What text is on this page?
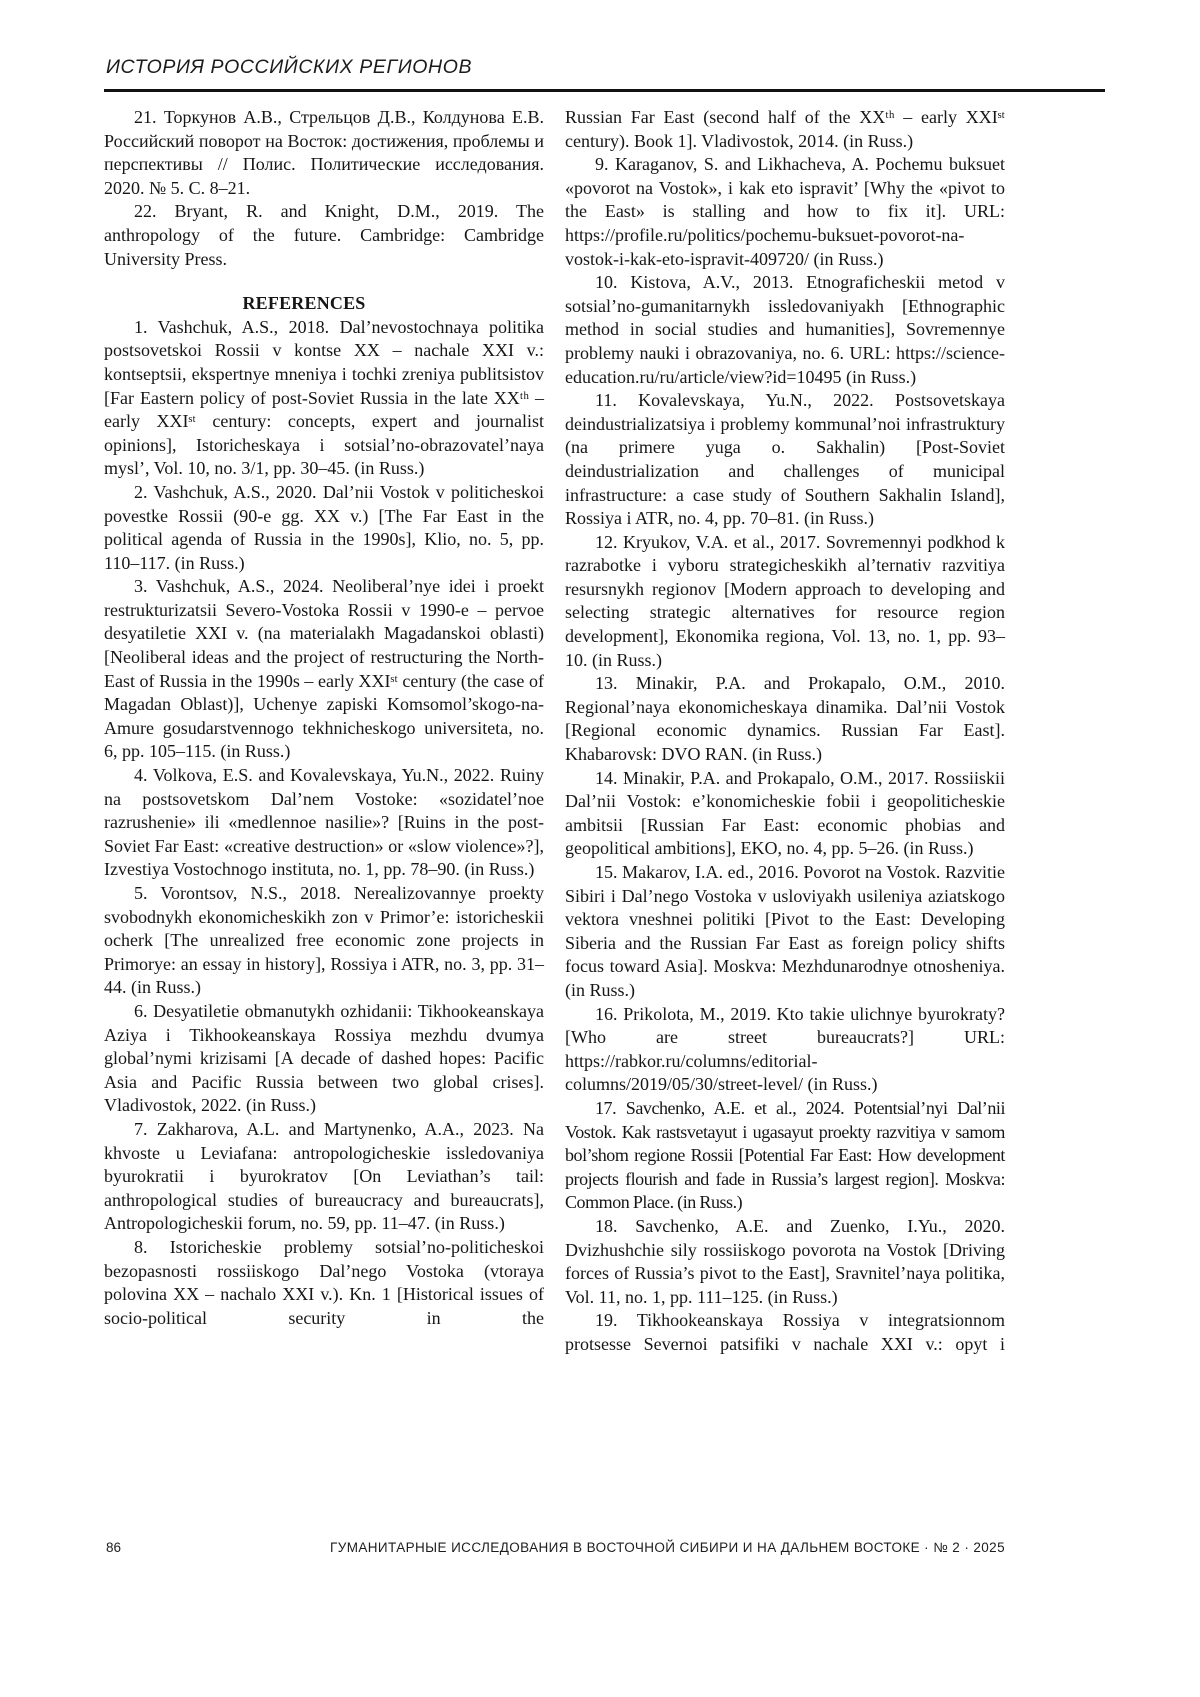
ИСТОРИЯ РОССИЙСКИХ РЕГИОНОВ

21. Торкунов А.В., Стрельцов Д.В., Колдунова Е.В. Российский поворот на Восток: достижения, проблемы и перспективы // Полис. Политические исследования. 2020. № 5. С. 8–21.

22. Bryant, R. and Knight, D.M., 2019. The anthropology of the future. Cambridge: Cambridge University Press.

REFERENCES

1. Vashchuk, A.S., 2018. Dal’nevostochnaya politika postsovetskoi Rossii v kontse XX – nachale XXI v.: kontseptsii, ekspertnye mneniya i tochki zreniya publitsistov [Far Eastern policy of post-Soviet Russia in the late XXᵗʰ – early XXIˢᵗ century: concepts, expert and journalist opinions], Istoricheskaya i sotsial’no-obrazovatel’naya mysl’, Vol. 10, no. 3/1, pp. 30–45. (in Russ.)

2. Vashchuk, A.S., 2020. Dal’nii Vostok v politicheskoi povestke Rossii (90-e gg. XX v.) [The Far East in the political agenda of Russia in the 1990s], Klio, no. 5, pp. 110–117. (in Russ.)

3. Vashchuk, A.S., 2024. Neoliberal’nye idei i proekt restrukturizatsii Severo-Vostoka Rossii v 1990-e – pervoe desyatiletie XXI v. (na materialakh Magadanskoi oblasti) [Neoliberal ideas and the project of restructuring the North-East of Russia in the 1990s – early XXIˢᵗ century (the case of Magadan Oblast)], Uchenye zapiski Komsomol’skogo-na-Amure gosudarstvennogo tekhnicheskogo universiteta, no. 6, pp. 105–115. (in Russ.)

4. Volkova, E.S. and Kovalevskaya, Yu.N., 2022. Ruiny na postsovetskom Dal’nem Vostoke: «sozidatel’noe razrushenie» ili «medlennoe nasilie»? [Ruins in the post-Soviet Far East: «creative destruction» or «slow violence»?], Izvestiya Vostochnogo instituta, no. 1, pp. 78–90. (in Russ.)

5. Vorontsov, N.S., 2018. Nerealizovannye proekty svobodnykh ekonomicheskikh zon v Primor’e: istoricheskii ocherk [The unrealized free economic zone projects in Primorye: an essay in history], Rossiya i ATR, no. 3, pp. 31–44. (in Russ.)

6. Desyatiletie obmanutykh ozhidanii: Tikhookeanskaya Aziya i Tikhookeanskaya Rossiya mezhdu dvumya global’nymi krizisami [A decade of dashed hopes: Pacific Asia and Pacific Russia between two global crises]. Vladivostok, 2022. (in Russ.)

7. Zakharova, A.L. and Martynenko, A.A., 2023. Na khvoste u Leviafana: antropologicheskie issledovaniya byurokratii i byurokratov [On Leviathan’s tail: anthropological studies of bureaucracy and bureaucrats], Antropologicheskii forum, no. 59, pp. 11–47. (in Russ.)

8. Istoricheskie problemy sotsial’no-politicheskoi bezopasnosti rossiiskogo Dal’nego Vostoka (vtoraya polovina XX – nachalo XXI v.). Kn. 1 [Historical issues of socio-political security in the

Russian Far East (second half of the XXᵗʰ – early XXIˢᵗ century). Book 1]. Vladivostok, 2014. (in Russ.)

9. Karaganov, S. and Likhacheva, A. Pochemu buksuet «povorot na Vostok», i kak eto ispravit’ [Why the «pivot to the East» is stalling and how to fix it]. URL: https://profile.ru/politics/pochemu-buksuet-povorot-na-vostok-i-kak-eto-ispravit-409720/ (in Russ.)

10. Kistova, A.V., 2013. Etnograficheskii metod v sotsial’no-gumanitarnykh issledovaniyakh [Ethnographic method in social studies and humanities], Sovremennye problemy nauki i obrazovaniya, no. 6. URL: https://science-education.ru/ru/article/view?id=10495 (in Russ.)

11. Kovalevskaya, Yu.N., 2022. Postsovetskaya deindustrializatsiya i problemy kommunal’noi infrastruktury (na primere yuga o. Sakhalin) [Post-Soviet deindustrialization and challenges of municipal infrastructure: a case study of Southern Sakhalin Island], Rossiya i ATR, no. 4, pp. 70–81. (in Russ.)

12. Kryukov, V.A. et al., 2017. Sovremennyi podkhod k razrabotke i vyboru strategicheskikh al’ternativ razvitiya resursnykh regionov [Modern approach to developing and selecting strategic alternatives for resource region development], Ekonomika regiona, Vol. 13, no. 1, pp. 93–10. (in Russ.)

13. Minakir, P.A. and Prokapalo, O.M., 2010. Regional’naya ekonomicheskaya dinamika. Dal’nii Vostok [Regional economic dynamics. Russian Far East]. Khabarovsk: DVO RAN. (in Russ.)

14. Minakir, P.A. and Prokapalo, O.M., 2017. Rossiiskii Dal’nii Vostok: e’konomicheskie fobii i geopoliticheskie ambitsii [Russian Far East: economic phobias and geopolitical ambitions], EKO, no. 4, pp. 5–26. (in Russ.)

15. Makarov, I.A. ed., 2016. Povorot na Vostok. Razvitie Sibiri i Dal’nego Vostoka v usloviyakh usileniya aziatskogo vektora vneshnei politiki [Pivot to the East: Developing Siberia and the Russian Far East as foreign policy shifts focus toward Asia]. Moskva: Mezhdunarodnye otnosheniya. (in Russ.)

16. Prikolota, M., 2019. Kto takie ulichnye byurokraty? [Who are street bureaucrats?] URL: https://rabkor.ru/columns/editorial-columns/2019/05/30/street-level/ (in Russ.)

17. Savchenko, A.E. et al., 2024. Potentsial’nyi Dal’nii Vostok. Kak rastsvetayut i ugasayut proekty razvitiya v samom bol’shom regione Rossii [Potential Far East: How development projects flourish and fade in Russia’s largest region]. Moskva: Common Place. (in Russ.)

18. Savchenko, A.E. and Zuenko, I.Yu., 2020. Dvizhushchie sily rossiiskogo povorota na Vostok [Driving forces of Russia’s pivot to the East], Sravnitel’naya politika, Vol. 11, no. 1, pp. 111–125. (in Russ.)

19. Tikhookeanskaya Rossiya v integratsionnom protsesse Severnoi patsifiki v nachale XXI v.: opyt i

86	ГУМАНИТАРНЫЕ ИССЛЕДОВАНИЯ В ВОСТОЧНОЙ СИБИРИ И НА ДАЛЬНЕМ ВОСТОКЕ · № 2 · 2025
